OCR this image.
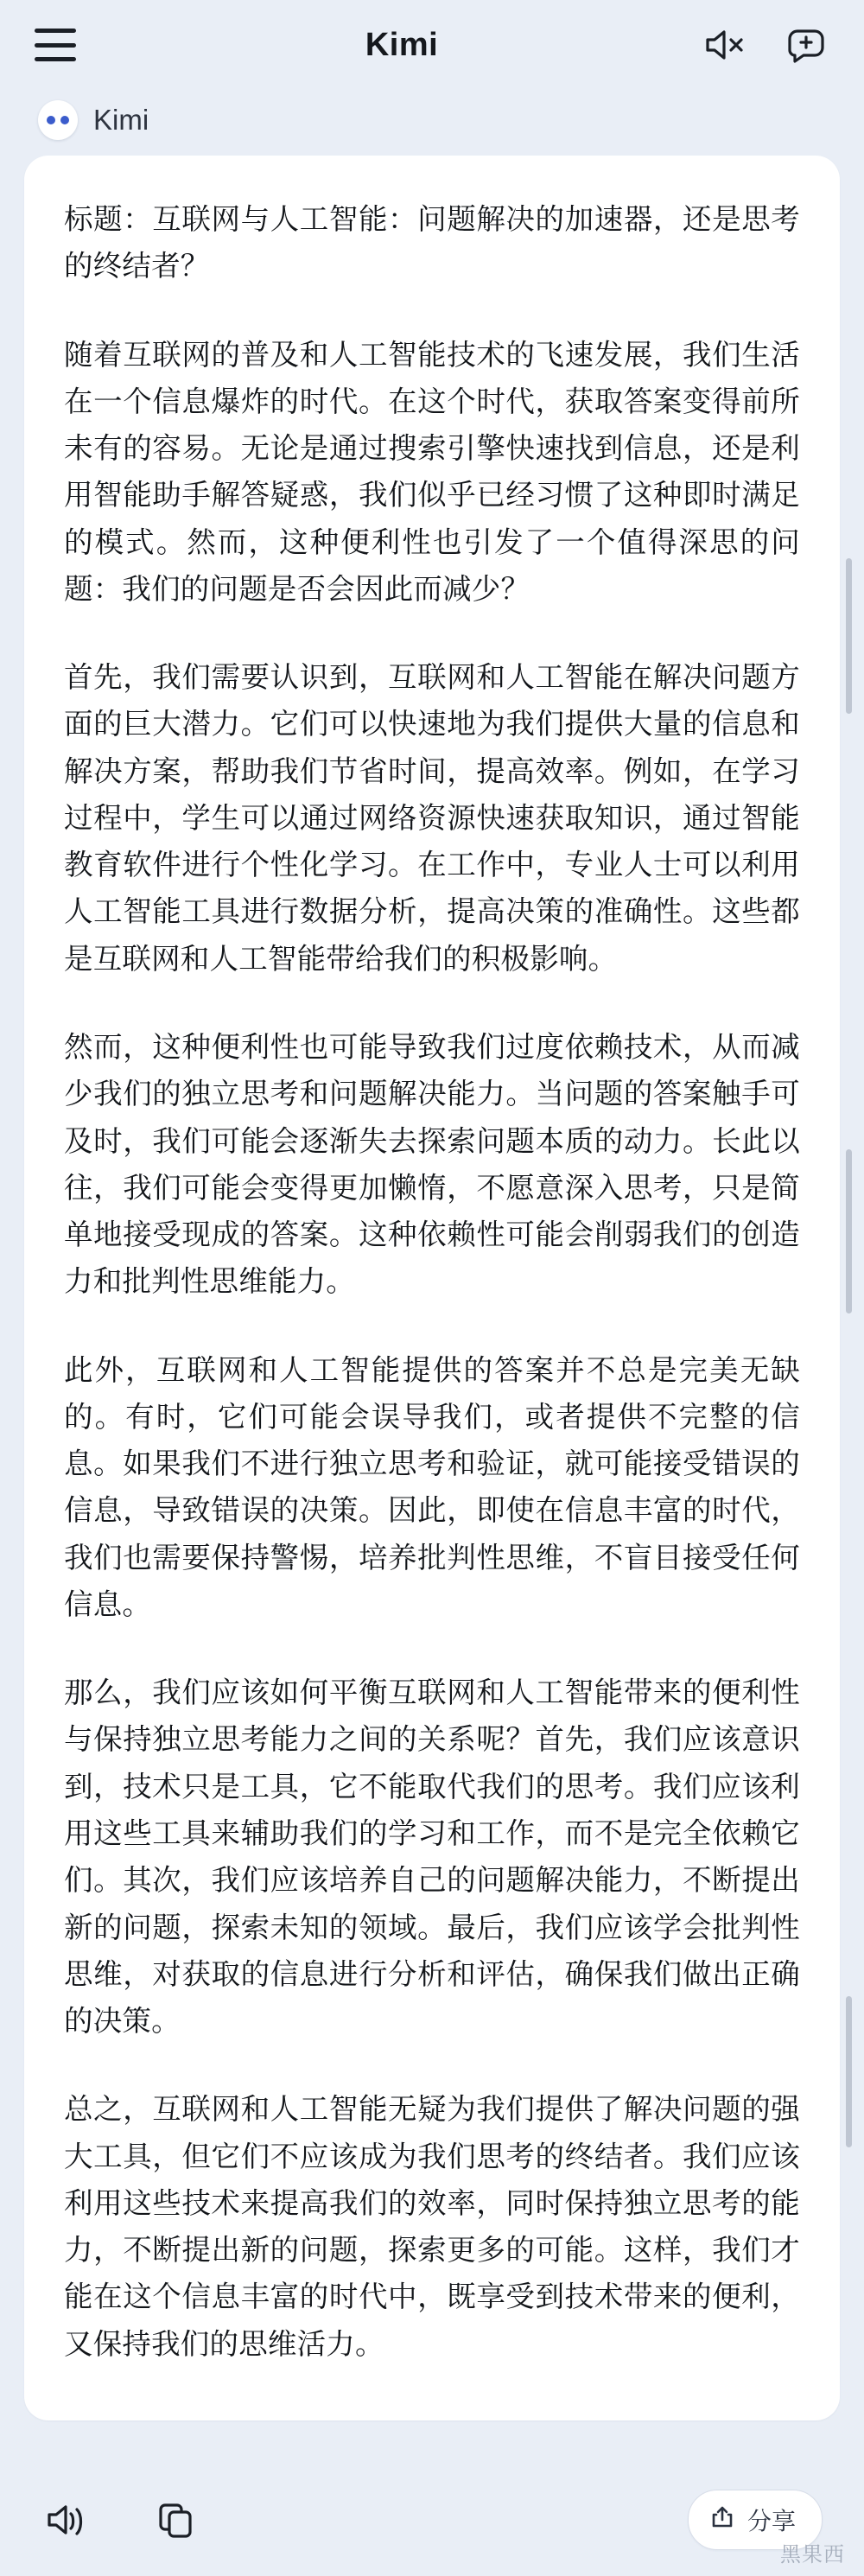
Kimi
Kimi

标题：互联网与人工智能：问题解决的加速器，还是思考的终结者？

随着互联网的普及和人工智能技术的飞速发展，我们生活在一个信息爆炸的时代。在这个时代，获取答案变得前所未有的容易。无论是通过搜索引擎快速找到信息，还是利用智能助手解答疑惑，我们似乎已经习惯了这种即时满足的模式。然而，这种便利性也引发了一个值得深思的问题：我们的问题是否会因此而减少？

首先，我们需要认识到，互联网和人工智能在解决问题方面的巨大潜力。它们可以快速地为我们提供大量的信息和解决方案，帮助我们节省时间，提高效率。例如，在学习过程中，学生可以通过网络资源快速获取知识，通过智能教育软件进行个性化学习。在工作中，专业人士可以利用人工智能工具进行数据分析，提高决策的准确性。这些都是互联网和人工智能带给我们的积极影响。

然而，这种便利性也可能导致我们过度依赖技术，从而减少我们的独立思考和问题解决能力。当问题的答案触手可及时，我们可能会逐渐失去探索问题本质的动力。长此以往，我们可能会变得更加懒惰，不愿意深入思考，只是简单地接受现成的答案。这种依赖性可能会削弱我们的创造力和批判性思维能力。

此外，互联网和人工智能提供的答案并不总是完美无缺的。有时，它们可能会误导我们，或者提供不完整的信息。如果我们不进行独立思考和验证，就可能接受错误的信息，导致错误的决策。因此，即使在信息丰富的时代，我们也需要保持警惕，培养批判性思维，不盲目接受任何信息。

那么，我们应该如何平衡互联网和人工智能带来的便利性与保持独立思考能力之间的关系呢？首先，我们应该意识到，技术只是工具，它不能取代我们的思考。我们应该利用这些工具来辅助我们的学习和工作，而不是完全依赖它们。其次，我们应该培养自己的问题解决能力，不断提出新的问题，探索未知的领域。最后，我们应该学会批判性思维，对获取的信息进行分析和评估，确保我们做出正确的决策。

总之，互联网和人工智能无疑为我们提供了解决问题的强大工具，但它们不应该成为我们思考的终结者。我们应该利用这些技术来提高我们的效率，同时保持独立思考的能力，不断提出新的问题，探索更多的可能。这样，我们才能在这个信息丰富的时代中，既享受到技术带来的便利，又保持我们的思维活力。

分享
黑果西
